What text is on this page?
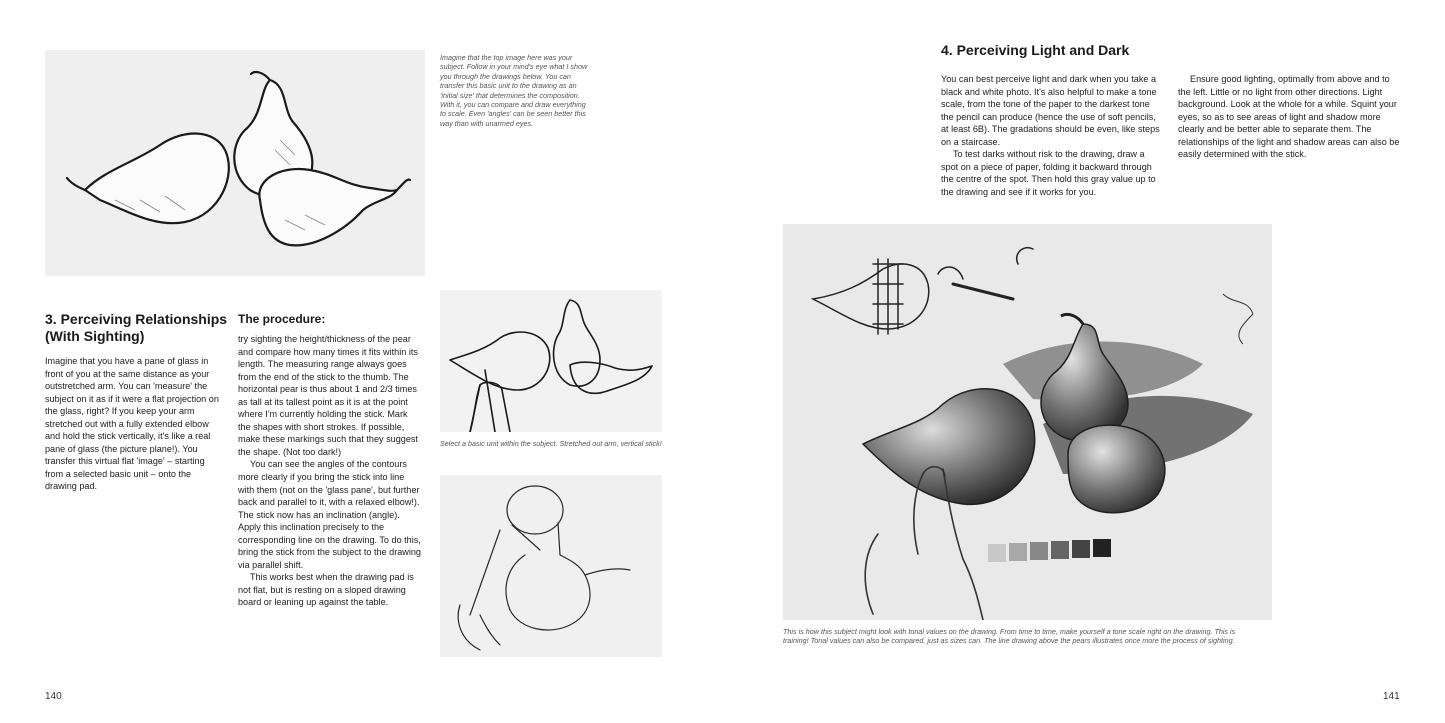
Imagine that the top image here was your subject. Follow in your mind's eye what I show you through the drawings below. You can transfer this basic unit to the drawing as an 'initial size' that determines the composition. With it, you can compare and draw everything to scale. Even 'angles' can be seen better this way than with unarmed eyes.

3. Perceiving Relationships
(With Sighting)

Imagine that you have a pane of glass in front of you at the same distance as your outstretched arm. You can 'measure' the subject on it as if it were a flat projection on the glass, right? If you keep your arm stretched out with a fully extended elbow and hold the stick vertically, it's like a real pane of glass (the picture plane!). You transfer this virtual flat 'image' – starting from a selected basic unit – onto the drawing pad.

The procedure:

try sighting the height/thickness of the pear and compare how many times it fits within its length. The measuring range always goes from the end of the stick to the thumb. The horizontal pear is thus about 1 and 2/3 times as tall at its tallest point as it is at the point where I'm currently holding the stick. Mark the shapes with short strokes. If possible, make these markings such that they suggest the shape. (Not too dark!)

You can see the angles of the contours more clearly if you bring the stick into line with them (not on the 'glass pane', but further back and parallel to it, with a relaxed elbow!). The stick now has an inclination (angle). Apply this inclination precisely to the corresponding line on the drawing. To do this, bring the stick from the subject to the drawing via parallel shift.

This works best when the drawing pad is not flat, but is resting on a sloped drawing board or leaning up against the table.

Select a basic unit within the subject. Stretched out arm, vertical stick!

140
4. Perceiving Light and Dark

You can best perceive light and dark when you take a black and white photo. It's also helpful to make a tone scale, from the tone of the paper to the darkest tone the pencil can produce (hence the use of soft pencils, at least 6B). The gradations should be even, like steps on a staircase.

To test darks without risk to the drawing, draw a spot on a piece of paper, folding it backward through the centre of the spot. Then hold this gray value up to the drawing and see if it works for you.

Ensure good lighting, optimally from above and to the left. Little or no light from other directions. Light background. Look at the whole for a while. Squint your eyes, so as to see areas of light and shadow more clearly and be better able to separate them. The relationships of the light and shadow areas can also be easily determined with the stick.

This is how this subject might look with tonal values on the drawing. From time to time, make yourself a tone scale right on the drawing. This is training! Tonal values can also be compared, just as sizes can. The line drawing above the pears illustrates once more the process of sighting.

141
